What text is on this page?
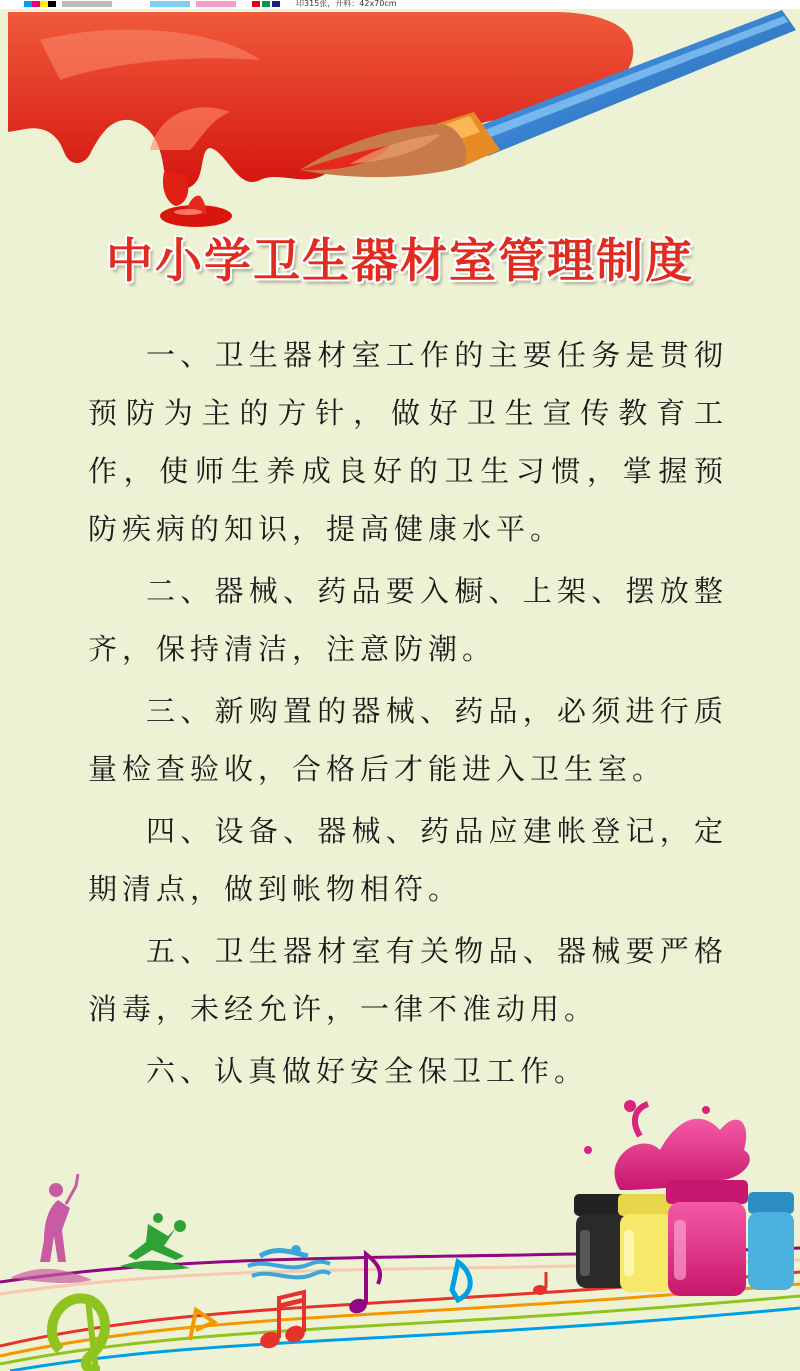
印315张，开料：42x70cm
中小学卫生器材室管理制度

一、卫生器材室工作的主要任务是贯彻预防为主的方针，做好卫生宣传教育工作，使师生养成良好的卫生习惯，掌握预防疾病的知识，提高健康水平。

二、器械、药品要入橱、上架、摆放整齐，保持清洁，注意防潮。

三、新购置的器械、药品，必须进行质量检查验收，合格后才能进入卫生室。

四、设备、器械、药品应建帐登记，定期清点，做到帐物相符。

五、卫生器材室有关物品、器械要严格消毒，未经允许，一律不准动用。

六、认真做好安全保卫工作。
